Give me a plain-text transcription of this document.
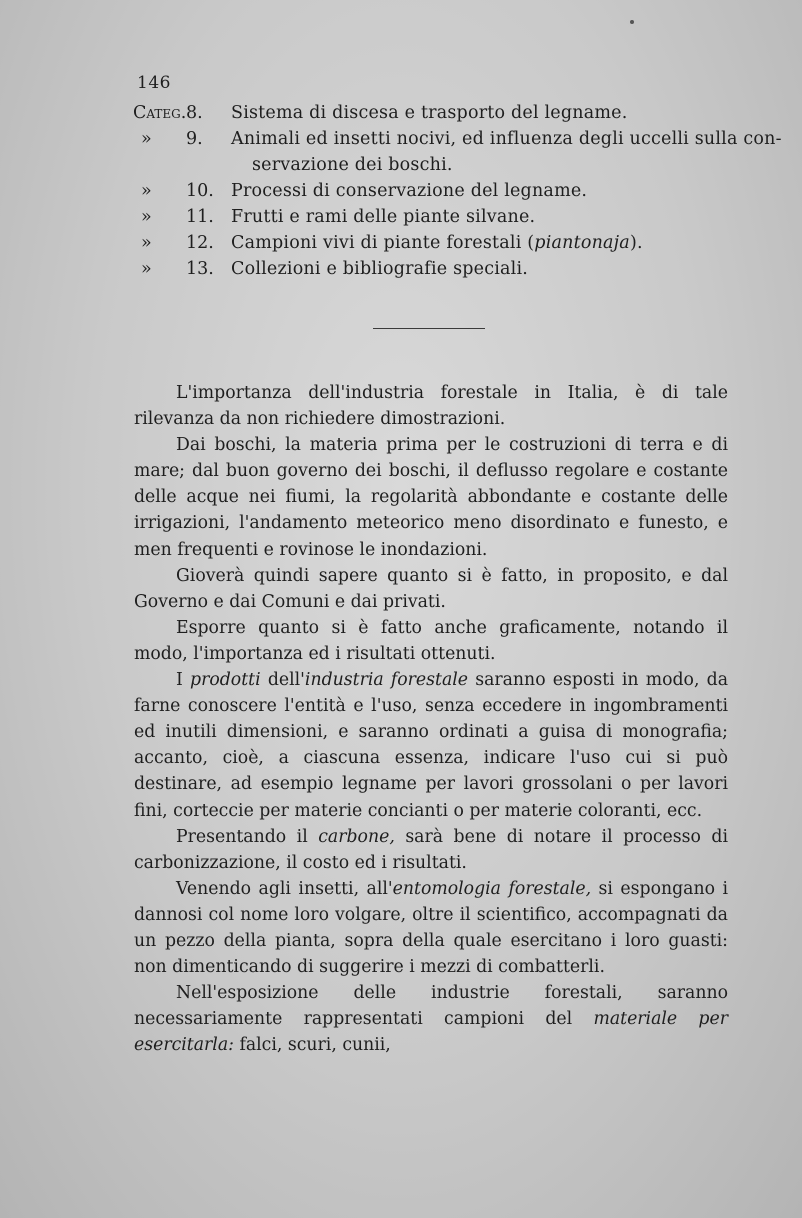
146
Categ. 8. Sistema di discesa e trasporto del legname.
» 9. Animali ed insetti nocivi, ed influenza degli uccelli sulla con-
servazione dei boschi.
» 10. Processi di conservazione del legname.
» 11. Frutti e rami delle piante silvane.
» 12. Campioni vivi di piante forestali (piantonaja).
» 13. Collezioni e bibliografie speciali.

L'importanza dell'industria forestale in Italia, è di tale rilevanza da non richiedere dimostrazioni.

Dai boschi, la materia prima per le costruzioni di terra e di mare; dal buon governo dei boschi, il deflusso regolare e costante delle acque nei fiumi, la regolarità abbondante e costante delle irrigazioni, l'andamento meteorico meno disordinato e funesto, e men frequenti e rovinose le inondazioni.

Gioverà quindi sapere quanto si è fatto, in proposito, e dal Governo e dai Comuni e dai privati.

Esporre quanto si è fatto anche graficamente, notando il modo, l'importanza ed i risultati ottenuti.

I prodotti dell'industria forestale saranno esposti in modo, da farne conoscere l'entità e l'uso, senza eccedere in ingombramenti ed inutili dimensioni, e saranno ordinati a guisa di monografia; accanto, cioè, a ciascuna essenza, indicare l'uso cui si può destinare, ad esempio legname per lavori grossolani o per lavori fini, corteccie per materie concianti o per materie coloranti, ecc.

Presentando il carbone, sarà bene di notare il processo di carbonizzazione, il costo ed i risultati.

Venendo agli insetti, all'entomologia forestale, si espongano i dannosi col nome loro volgare, oltre il scientifico, accompagnati da un pezzo della pianta, sopra della quale esercitano i loro guasti: non dimenticando di suggerire i mezzi di combatterli.

Nell'esposizione delle industrie forestali, saranno necessariamente rappresentati campioni del materiale per esercitarla: falci, scuri, cunii,
